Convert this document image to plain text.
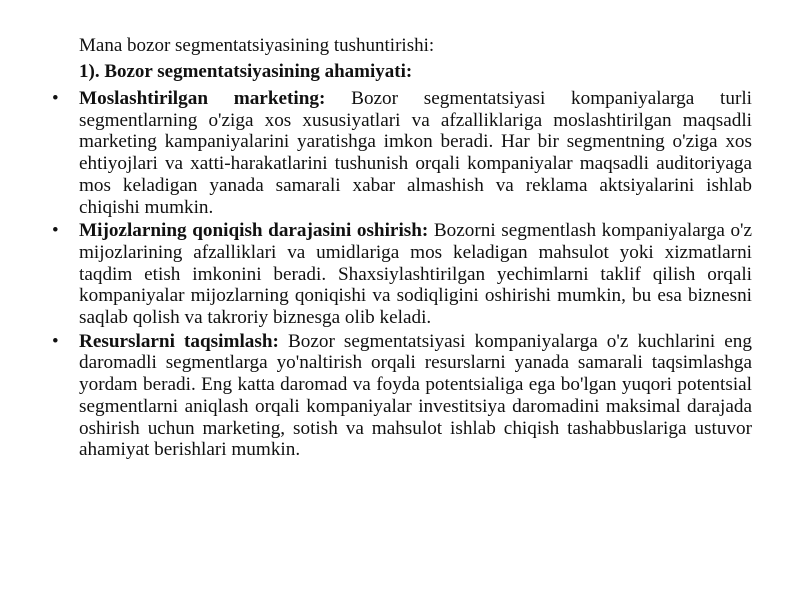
Mana bozor segmentatsiyasining tushuntirishi:

1). Bozor segmentatsiyasining ahamiyati:

• Moslashtirilgan marketing: Bozor segmentatsiyasi kompaniyalarga turli segmentlarning o'ziga xos xususiyatlari va afzalliklariga moslashtirilgan maqsadli marketing kampaniyalarini yaratishga imkon beradi. Har bir segmentning o'ziga xos ehtiyojlari va xatti-harakatlarini tushunish orqali kompaniyalar maqsadli auditoriyaga mos keladigan yanada samarali xabar almashish va reklama aktsiyalarini ishlab chiqishi mumkin.

• Mijozlarning qoniqish darajasini oshirish: Bozorni segmentlash kompaniyalarga o'z mijozlarining afzalliklari va umidlariga mos keladigan mahsulot yoki xizmatlarni taqdim etish imkonini beradi. Shaxsiylashtirilgan yechimlarni taklif qilish orqali kompaniyalar mijozlarning qoniqishi va sodiqligini oshirishi mumkin, bu esa biznesni saqlab qolish va takroriy biznesga olib keladi.

• Resurslarni taqsimlash: Bozor segmentatsiyasi kompaniyalarga o'z kuchlarini eng daromadli segmentlarga yo'naltirish orqali resurslarni yanada samarali taqsimlashga yordam beradi. Eng katta daromad va foyda potentsialiga ega bo'lgan yuqori potentsial segmentlarni aniqlash orqali kompaniyalar investitsiya daromadini maksimal darajada oshirish uchun marketing, sotish va mahsulot ishlab chiqish tashabbuslariga ustuvor ahamiyat berishlari mumkin.
